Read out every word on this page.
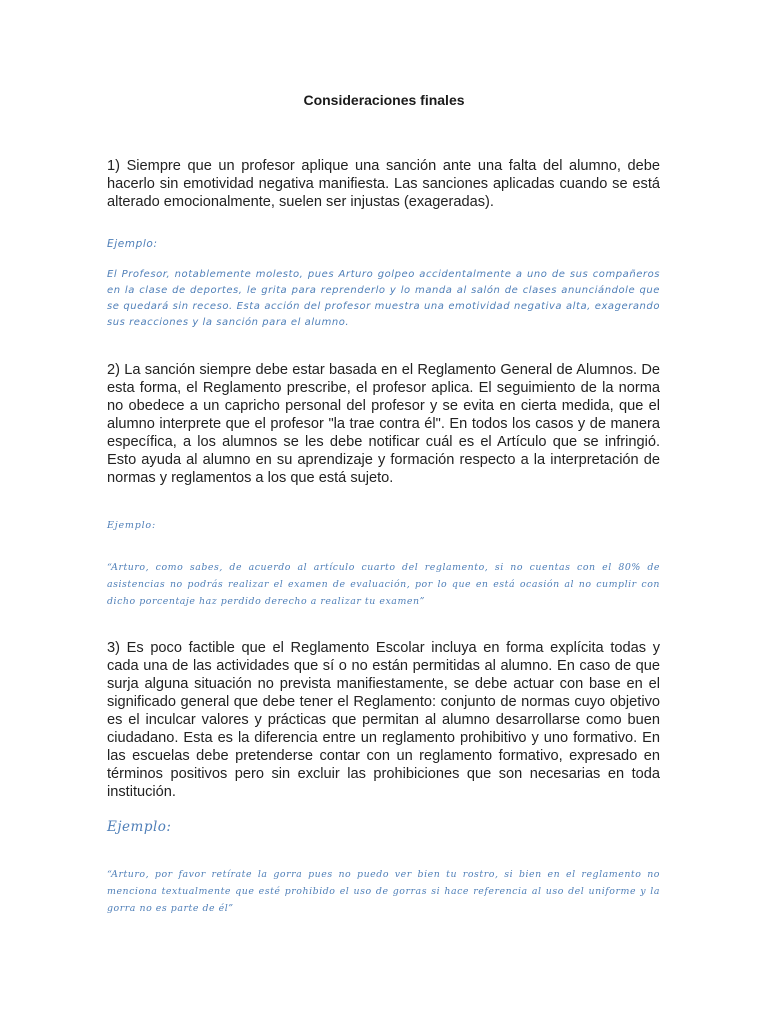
Consideraciones finales

1) Siempre que un profesor aplique una sanción ante una falta del alumno, debe hacerlo sin emotividad negativa manifiesta. Las sanciones aplicadas cuando se está alterado emocionalmente, suelen ser injustas (exageradas).

Ejemplo:

El Profesor, notablemente molesto, pues Arturo golpeo accidentalmente a uno de sus compañeros en la clase de deportes, le grita para reprenderlo y lo manda al salón de clases anunciándole que se quedará sin receso. Esta acción del profesor muestra una emotividad negativa alta, exagerando sus reacciones y la sanción para el alumno.

2) La sanción siempre debe estar basada en el Reglamento General de Alumnos. De esta forma, el Reglamento prescribe, el profesor aplica. El seguimiento de la norma no obedece a un capricho personal del profesor y se evita en cierta medida, que el alumno interprete que el profesor "la trae contra él". En todos los casos y de manera específica, a los alumnos se les debe notificar cuál es el Artículo que se infringió. Esto ayuda al alumno en su aprendizaje y formación respecto a la interpretación de normas y reglamentos a los que está sujeto.

Ejemplo:

“Arturo, como sabes, de acuerdo al artículo cuarto del reglamento, si no cuentas con el 80% de asistencias no podrás realizar el examen de evaluación, por lo que en está ocasión al no cumplir con dicho porcentaje haz perdido derecho a realizar tu examen”

3) Es poco factible que el Reglamento Escolar incluya en forma explícita todas y cada una de las actividades que sí o no están permitidas al alumno. En caso de que surja alguna situación no prevista manifiestamente, se debe actuar con base en el significado general que debe tener el Reglamento: conjunto de normas cuyo objetivo es el inculcar valores y prácticas que permitan al alumno desarrollarse como buen ciudadano. Esta es la diferencia entre un reglamento prohibitivo y uno formativo. En las escuelas debe pretenderse contar con un reglamento formativo, expresado en términos positivos pero sin excluir las prohibiciones que son necesarias en toda institución.

Ejemplo:

“Arturo, por favor retírate la gorra pues no puedo ver bien tu rostro, si bien en el reglamento no menciona textualmente que esté prohibido el uso de gorras si hace referencia al uso del uniforme y la gorra no es parte de él”
